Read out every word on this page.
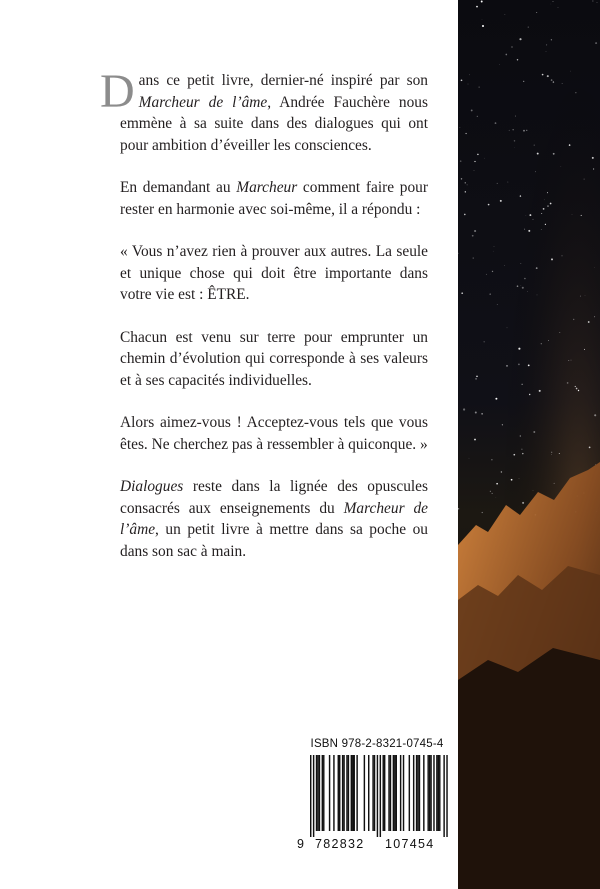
Dans ce petit livre, dernier-né inspiré par son Marcheur de l’âme, Andrée Fauchère nous emmène à sa suite dans des dialogues qui ont pour ambition d’éveiller les consciences.

En demandant au Marcheur comment faire pour rester en harmonie avec soi-même, il a répondu :

« Vous n’avez rien à prouver aux autres. La seule et unique chose qui doit être importante dans votre vie est : ÊTRE.

Chacun est venu sur terre pour emprunter un chemin d’évolution qui corresponde à ses valeurs et à ses capacités individuelles.

Alors aimez-vous ! Acceptez-vous tels que vous êtes. Ne cherchez pas à ressembler à quiconque. »

Dialogues reste dans la lignée des opuscules consacrés aux enseignements du Marcheur de l’âme, un petit livre à mettre dans sa poche ou dans son sac à main.

ISBN 978-2-8321-0745-4
9 782832 107454
